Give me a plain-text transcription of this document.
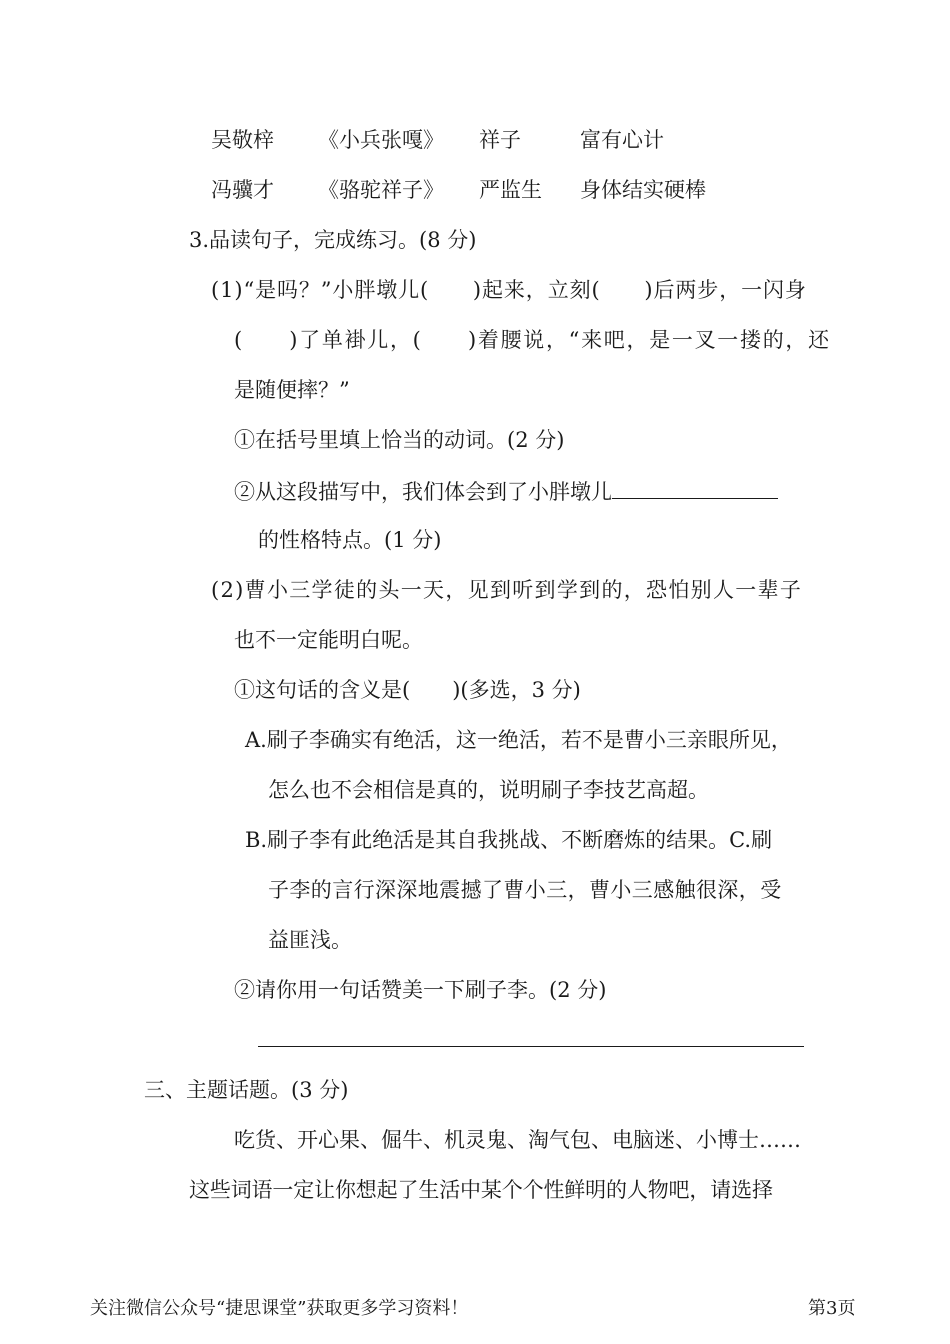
吴敬梓 《小兵张嘎》 祥子	富有心计
冯骥才 《骆驼祥子》 严监生 身体结实硬棒
3.品读句子，完成练习。(8 分)
(1)“是吗？”小胖墩儿(　　)起来，立刻(　　)后两步，一闪身
(　　)了单褂儿，(　　)着腰说，“来吧，是一叉一搂的，还
是随便摔？”
①在括号里填上恰当的动词。(2 分)
②从这段描写中，我们体会到了小胖墩儿
的性格特点。(1 分)
(2)曹小三学徒的头一天，见到听到学到的，恐怕别人一辈子
也不一定能明白呢。
①这句话的含义是(　　)(多选，3 分)
A.刷子李确实有绝活，这一绝活，若不是曹小三亲眼所见，
怎么也不会相信是真的，说明刷子李技艺高超。
B.刷子李有此绝活是其自我挑战、不断磨炼的结果。C.刷
子李的言行深深地震撼了曹小三，曹小三感触很深，受
益匪浅。
②请你用一句话赞美一下刷子李。(2 分)
三、主题话题。(3 分)
吃货、开心果、倔牛、机灵鬼、淘气包、电脑迷、小博士……
这些词语一定让你想起了生活中某个个性鲜明的人物吧，请选择
关注微信公众号“捷思课堂”获取更多学习资料！	第3页
